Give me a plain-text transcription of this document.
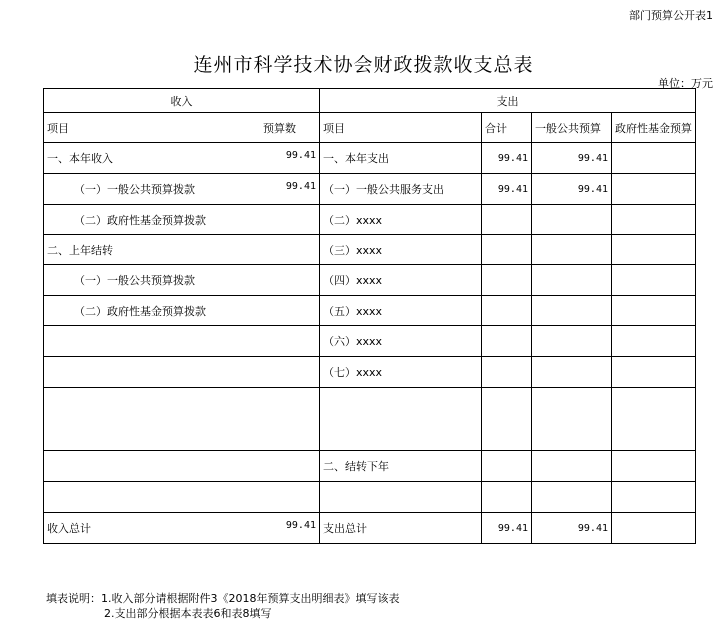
部门预算公开表1
连州市科学技术协会财政拨款收支总表
单位：万元
收入	支出			

项目 预算数	项目	合计	一般公共预算	政府性基金预算

一、本年收入 99.41	一、本年支出	99.41	99.41	

（一）一般公共预算拨款 99.41	（一）一般公共服务支出	99.41	99.41	

（二）政府性基金预算拨款	（二）xxxx			

二、上年结转	（三）xxxx			

（一）一般公共预算拨款	（四）xxxx			

（二）政府性基金预算拨款	（五）xxxx			

	（六）xxxx			

	（七）xxxx			

	二、结转下年			

收入总计 99.41	支出总计	99.41	99.41	
填表说明：1.收入部分请根据附件3《2018年预算支出明细表》填写该表
2.支出部分根据本表表6和表8填写
